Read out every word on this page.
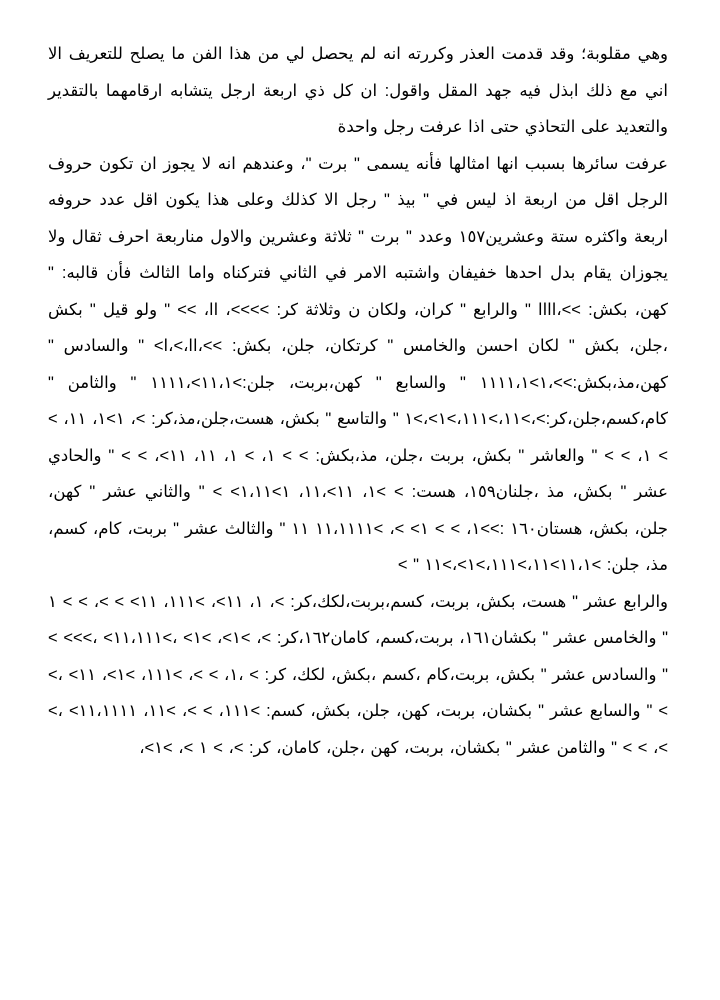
وهي مقلوبة؛ وقد قدمت العذر وكررته انه لم يحصل لي من هذا الفن ما يصلح للتعريف الا اني مع ذلك ابذل فيه جهد المقل واقول: ان كل ذي اربعة ارجل يتشابه ارقامهما بالتقدير والتعديد على التحاذي حتى اذا عرفت رجل واحدة

عرفت سائرها بسبب انها امثالها فأنه يسمى " برت "، وعندهم انه لا يجوز ان تكون حروف الرجل اقل من اربعة اذ ليس في " بيذ " رجل الا كذلك وعلى هذا يكون اقل عدد حروفه اربعة واكثره ستة وعشرين١٥٧ وعدد " برت " ثلاثة وعشرين والاول مناربعة احرف ثقال ولا يجوزان يقام بدل احدها خفيفان واشتبه الامر في الثاني فتركناه واما الثالث فأن قالبه: " كهن، بكش: >>،اااا " والرابع " كران، ولكان ن وثلاثة كر: >>>>، اا، >> " ولو قيل " بكش ،جلن، بكش " لكان احسن والخامس " كرتكان، جلن، بكش: >>،اا،>،ا> " والسادس " كهن،مذ،بكش:>>،١>١١١١،١ " والسابع " كهن،بربت، جلن:>١١،١>،١١١١ " والثامن " كام،كسم،جلن،كر:>،>١١،>١١١،>١>،>١ " والتاسع " بكش، هست،جلن،مذ،كر: >، ١>١، ١١، > > ١، > > " والعاشر " بكش، بربت ،جلن، مذ،بكش: > > ١، > ١، ١١، ١١>، > > " والحادي عشر " بكش، مذ ،جلنان١٥٩، هست: > >١، ١١>،١١، ١>١،١١> > " والثاني عشر " كهن، جلن، بكش، هستان١٦٠ :>>١، > > ١> >، >١١،١١١١ ١١ " والثالث عشر " بربت، كام، كسم، مذ، جلن: >١١،١>١١،>١١١،>١>،>١١ " >

والرابع عشر " هست، بكش، بربت، كسم،بربت،لكك،كر: >، ١، ١١>، >١١١، ١١> > >، > > ١ " والخامس عشر " بكشان١٦١، بربت،كسم، كامان١٦٢،كر: >، >١>، >١> ،>١١،١١١> ،>>> > " والسادس عشر " بكش، بربت،كام ،كسم ،بكش، لكك، كر: > ،١، > >، >١١١، >١>، ١١> ،> > " والسابع عشر " بكشان، بربت، كهن، جلن، بكش، كسم: >١١١، > >، >١١، ١١،١١١١> ،> >، > > " والثامن عشر " بكشان، بربت، كهن ،جلن، كامان، كر: >، > ١ >، >١>،
